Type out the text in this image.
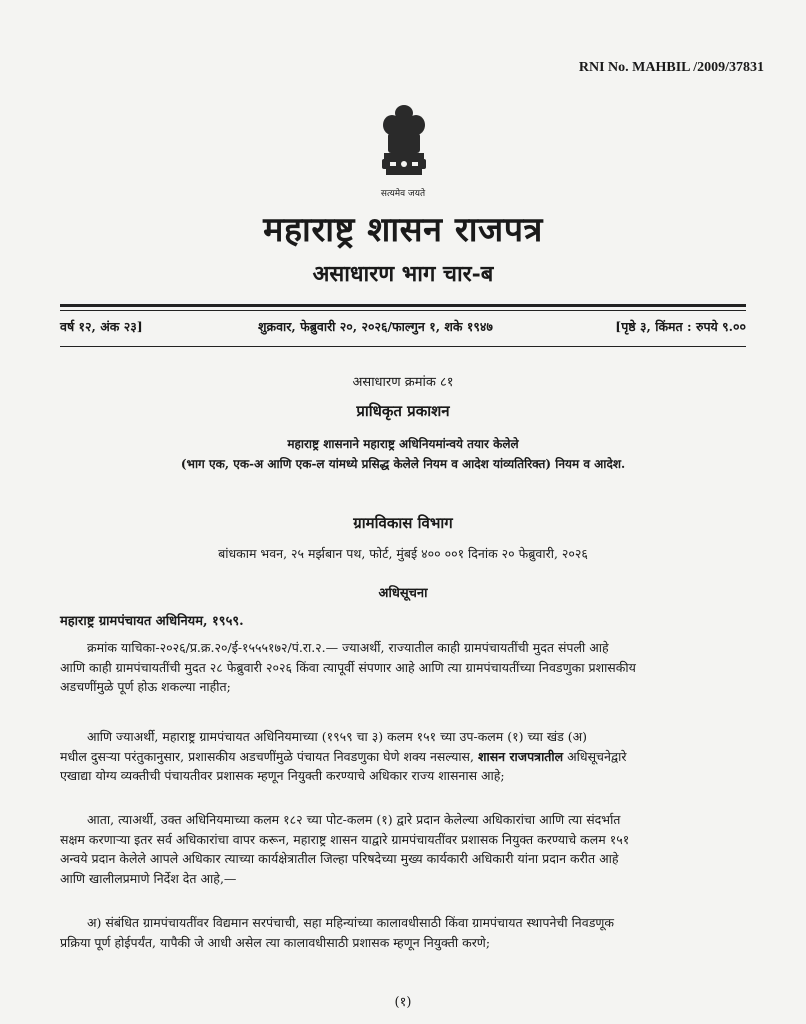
RNI No. MAHBIL /2009/37831
सत्यमेव जयते
महाराष्ट्र शासन राजपत्र
असाधारण भाग चार-ब
वर्ष १२, अंक २३]	शुक्रवार, फेब्रुवारी २०, २०२६/फाल्गुन १, शके १९४७	[पृष्ठे ३, किंमत : रुपये ९.००
असाधारण क्रमांक ८१
प्राधिकृत प्रकाशन
महाराष्ट्र शासनाने महाराष्ट्र अधिनियमांन्वये तयार केलेले
(भाग एक, एक-अ आणि एक-ल यांमध्ये प्रसिद्ध केलेले नियम व आदेश यांव्यतिरिक्त) नियम व आदेश.
ग्रामविकास विभाग
बांधकाम भवन, २५ मर्झबान पथ, फोर्ट, मुंबई ४०० ००१ दिनांक २० फेब्रुवारी, २०२६
अधिसूचना
महाराष्ट्र ग्रामपंचायत अधिनियम, १९५९.
क्रमांक याचिका-२०२६/प्र.क्र.२०/ई-१५५५१७२/पं.रा.२.— ज्याअर्थी, राज्यातील काही ग्रामपंचायतींची मुदत संपली आहे
आणि काही ग्रामपंचायतींची मुदत २८ फेब्रुवारी २०२६ किंवा त्यापूर्वी संपणार आहे आणि त्या ग्रामपंचायतींच्या निवडणुका प्रशासकीय
अडचणींमुळे पूर्ण होऊ शकल्या नाहीत;
आणि ज्याअर्थी, महाराष्ट्र ग्रामपंचायत अधिनियमाच्या (१९५९ चा ३) कलम १५१ च्या उप-कलम (१) च्या खंड (अ)
मधील दुसऱ्या परंतुकानुसार, प्रशासकीय अडचणींमुळे पंचायत निवडणुका घेणे शक्य नसल्यास, शासन राजपत्रातील अधिसूचनेद्वारे
एखाद्या योग्य व्यक्तीची पंचायतीवर प्रशासक म्हणून नियुक्ती करण्याचे अधिकार राज्य शासनास आहे;
आता, त्याअर्थी, उक्त अधिनियमाच्या कलम १८२ च्या पोट-कलम (१) द्वारे प्रदान केलेल्या अधिकारांचा आणि त्या संदर्भात
सक्षम करणाऱ्या इतर सर्व अधिकारांचा वापर करून, महाराष्ट्र शासन याद्वारे ग्रामपंचायतींवर प्रशासक नियुक्त करण्याचे कलम १५१
अन्वये प्रदान केलेले आपले अधिकार त्याच्या कार्यक्षेत्रातील जिल्हा परिषदेच्या मुख्य कार्यकारी अधिकारी यांना प्रदान करीत आहे
आणि खालीलप्रमाणे निर्देश देत आहे,—
अ) संबंधित ग्रामपंचायतींवर विद्यमान सरपंचाची, सहा महिन्यांच्या कालावधीसाठी किंवा ग्रामपंचायत स्थापनेची निवडणूक
प्रक्रिया पूर्ण होईपर्यंत, यापैकी जे आधी असेल त्या कालावधीसाठी प्रशासक म्हणून नियुक्ती करणे;
(१)
